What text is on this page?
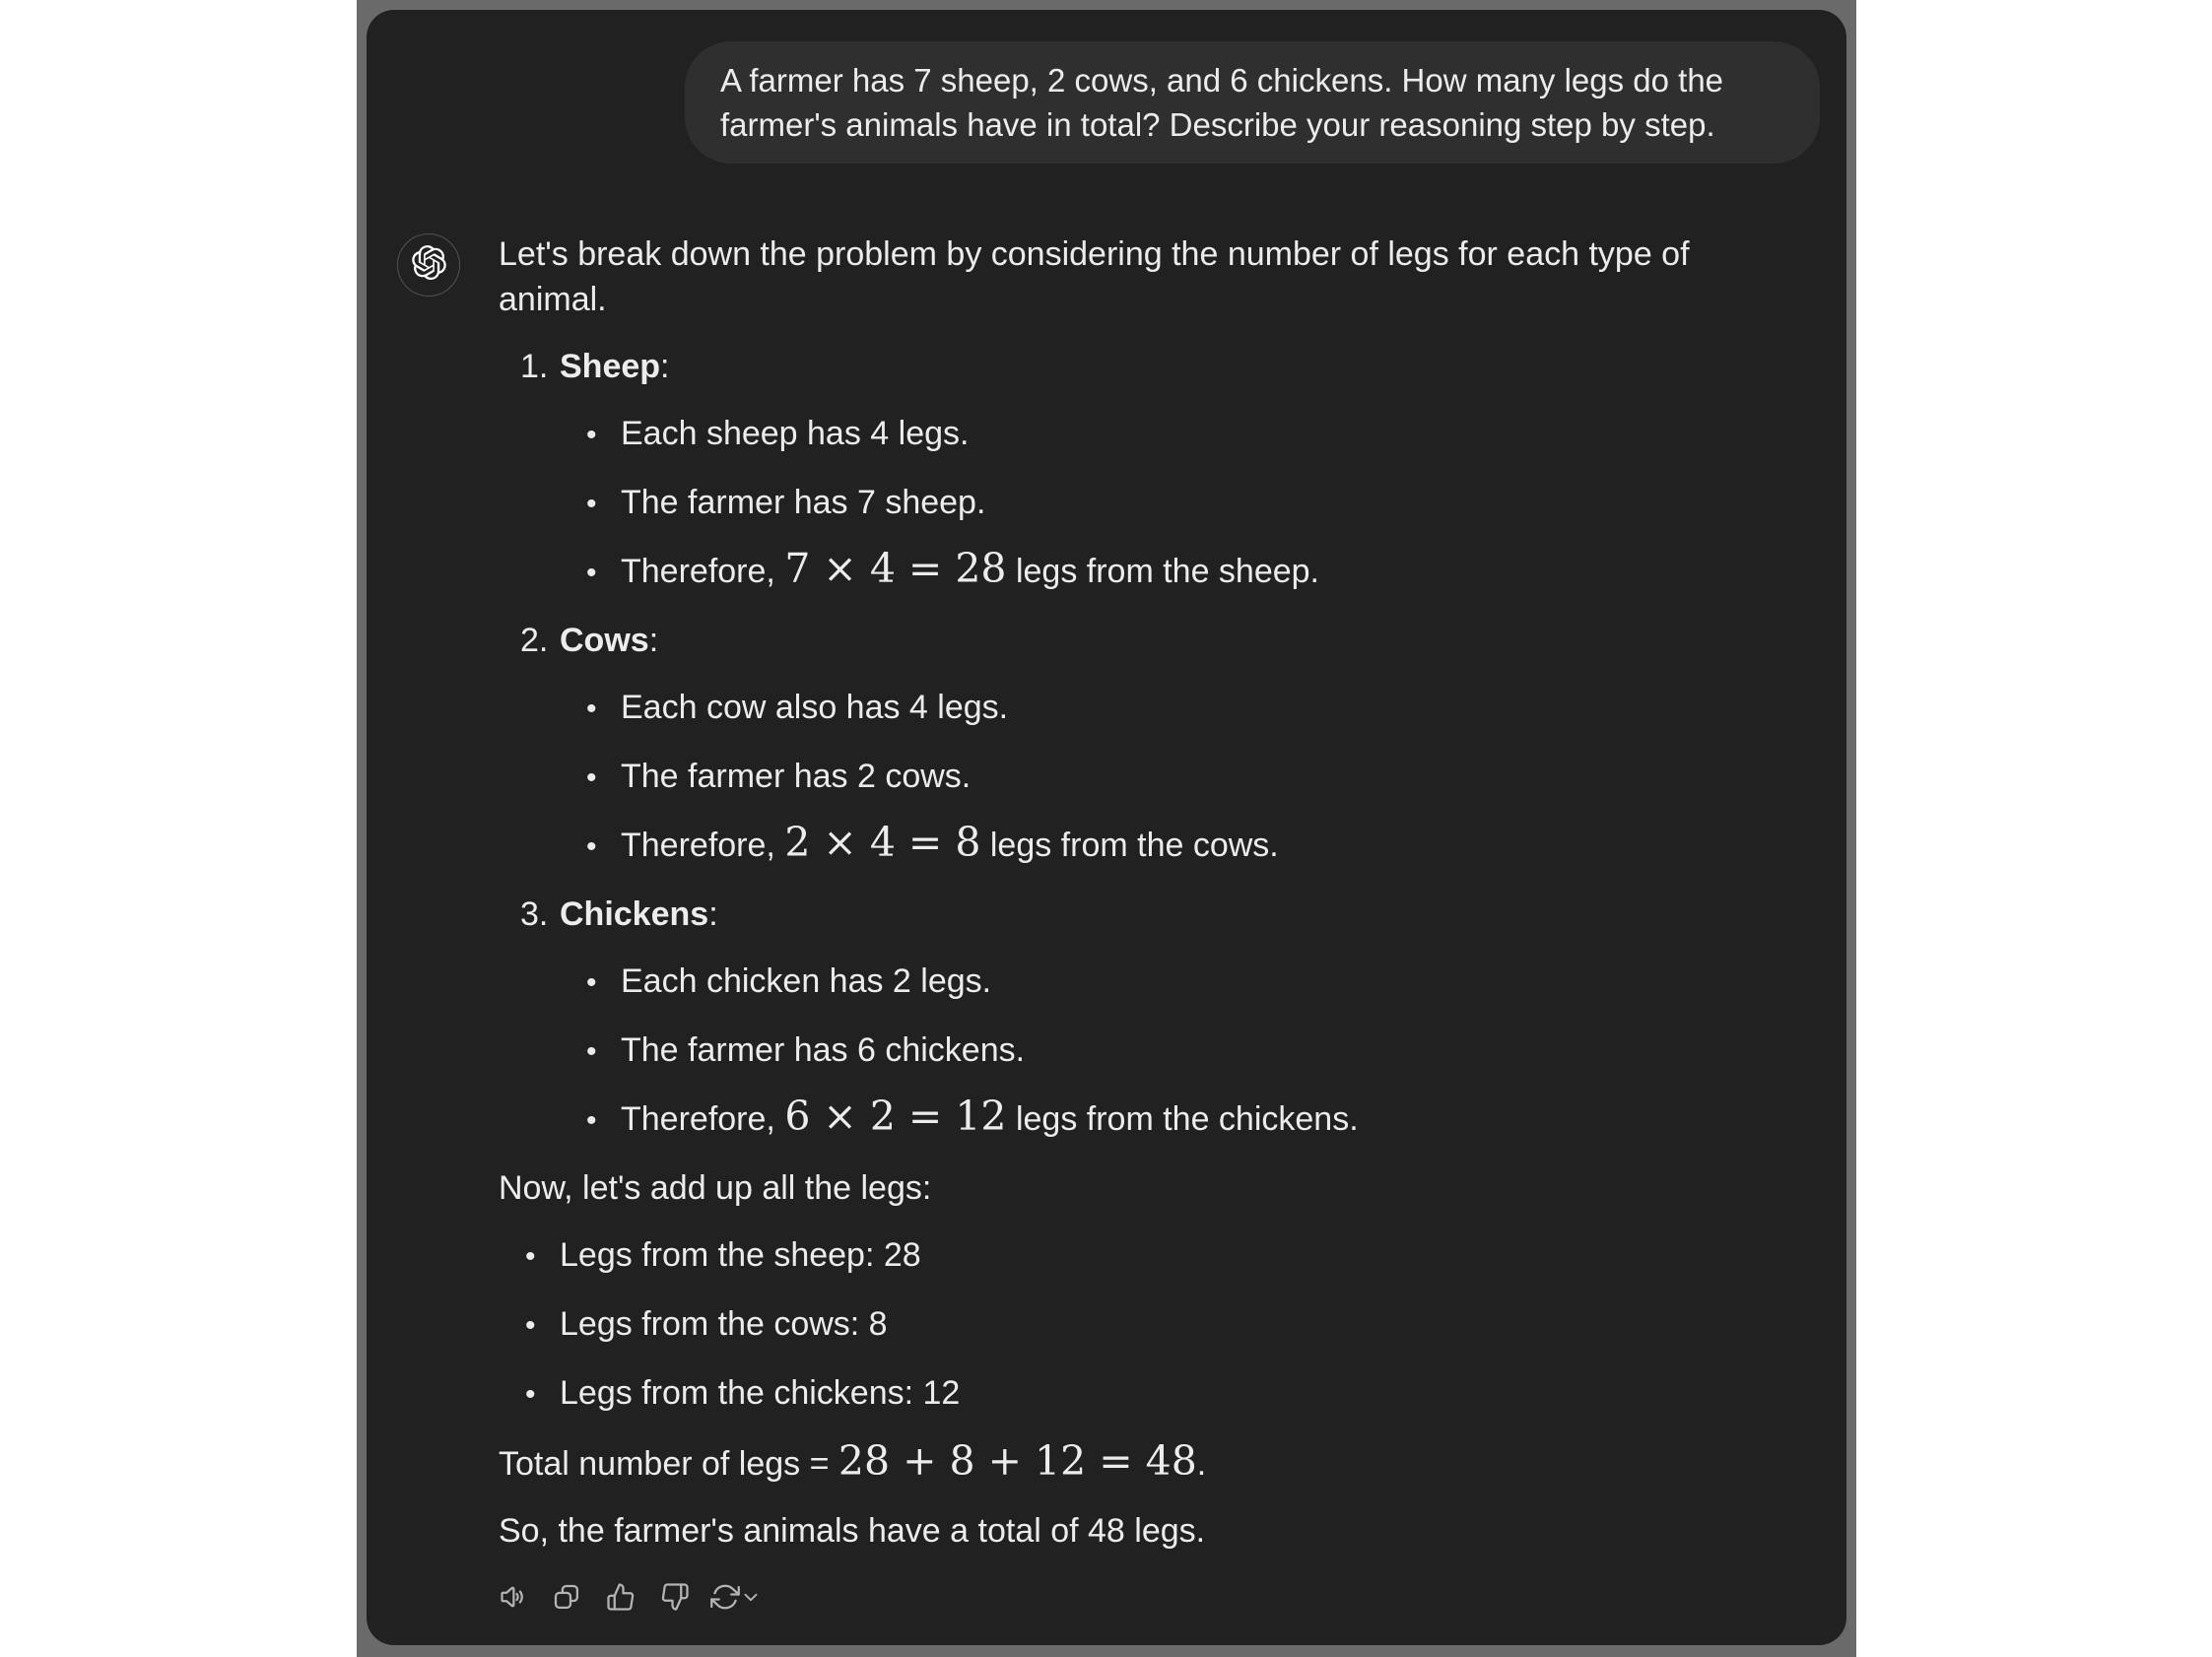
A farmer has 7 sheep, 2 cows, and 6 chickens. How many legs do the farmer's animals have in total? Describe your reasoning step by step.

Let's break down the problem by considering the number of legs for each type of animal.

1. Sheep:
• Each sheep has 4 legs.
• The farmer has 7 sheep.
• Therefore, 7 × 4 = 28 legs from the sheep.
2. Cows:
• Each cow also has 4 legs.
• The farmer has 2 cows.
• Therefore, 2 × 4 = 8 legs from the cows.
3. Chickens:
• Each chicken has 2 legs.
• The farmer has 6 chickens.
• Therefore, 6 × 2 = 12 legs from the chickens.

Now, let's add up all the legs:

• Legs from the sheep: 28
• Legs from the cows: 8
• Legs from the chickens: 12

Total number of legs = 28 + 8 + 12 = 48.

So, the farmer's animals have a total of 48 legs.
